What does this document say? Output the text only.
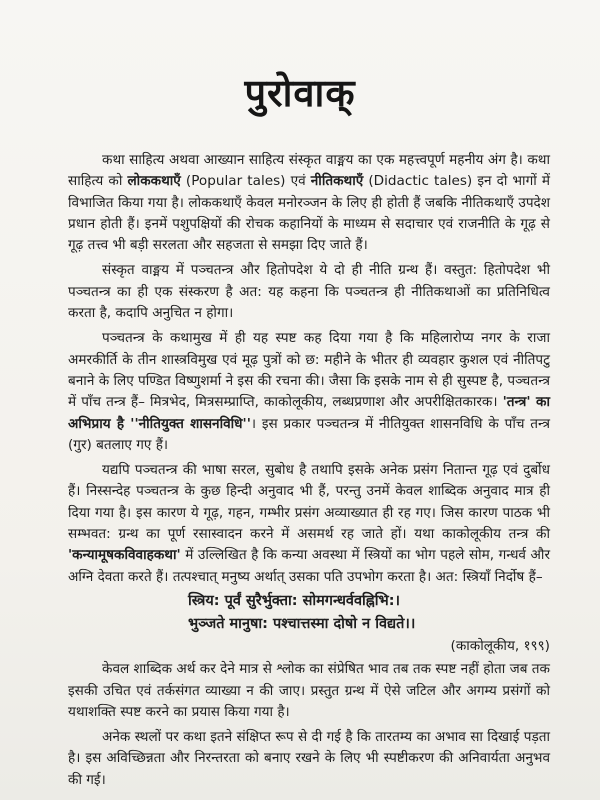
पुरोवाक्

कथा साहित्य अथवा आख्यान साहित्य संस्कृत वाङ्मय का एक महत्त्वपूर्ण महनीय अंग है। कथा साहित्य को लोककथाएँ (Popular tales) एवं नीतिकथाएँ (Didactic tales) इन दो भागों में विभाजित किया गया है। लोककथाएँ केवल मनोरञ्जन के लिए ही होती हैं जबकि नीतिकथाएँ उपदेश प्रधान होती हैं। इनमें पशुपक्षियों की रोचक कहानियों के माध्यम से सदाचार एवं राजनीति के गूढ़ से गूढ़ तत्त्व भी बड़ी सरलता और सहजता से समझा दिए जाते हैं।

संस्कृत वाङ्मय में पञ्चतन्त्र और हितोपदेश ये दो ही नीति ग्रन्थ हैं। वस्तुत: हितोपदेश भी पञ्चतन्त्र का ही एक संस्करण है अत: यह कहना कि पञ्चतन्त्र ही नीतिकथाओं का प्रतिनिधित्व करता है, कदापि अनुचित न होगा।

पञ्चतन्त्र के कथामुख में ही यह स्पष्ट कह दिया गया है कि महिलारोप्य नगर के राजा अमरकीर्ति के तीन शास्त्रविमुख एवं मूढ़ पुत्रों को छ: महीने के भीतर ही व्यवहार कुशल एवं नीतिपटु बनाने के लिए पण्डित विष्णुशर्मा ने इस की रचना की। जैसा कि इसके नाम से ही सुस्पष्ट है, पञ्चतन्त्र में पाँच तन्त्र हैं– मित्रभेद, मित्रसम्प्राप्ति, काकोलूकीय, लब्धप्रणाश और अपरीक्षितकारक। 'तन्त्र' का अभिप्राय है ''नीतियुक्त शासनविधि''। इस प्रकार पञ्चतन्त्र में नीतियुक्त शासनविधि के पाँच तन्त्र (गुर) बतलाए गए हैं।

यद्यपि पञ्चतन्त्र की भाषा सरल, सुबोध है तथापि इसके अनेक प्रसंग नितान्त गूढ़ एवं दुर्बोध हैं। निस्सन्देह पञ्चतन्त्र के कुछ हिन्दी अनुवाद भी हैं, परन्तु उनमें केवल शाब्दिक अनुवाद मात्र ही दिया गया है। इस कारण ये गूढ़, गहन, गम्भीर प्रसंग अव्याख्यात ही रह गए। जिस कारण पाठक भी सम्भवत: ग्रन्थ का पूर्ण रसास्वादन करने में असमर्थ रह जाते हों। यथा काकोलूकीय तन्त्र की 'कन्यामूषकविवाहकथा' में उल्लिखित है कि कन्या अवस्था में स्त्रियों का भोग पहले सोम, गन्धर्व और अग्नि देवता करते हैं। तत्पश्चात् मनुष्य अर्थात् उसका पति उपभोग करता है। अत: स्त्रियाँ निर्दोष हैं–

स्त्रिय: पूर्वं सुरैर्भुक्ता: सोमगन्धर्ववह्निभि:।
भुञ्जते मानुषा: पश्चात्तस्मा दोषो न विद्यते।।
(काकोलूकीय, १९९)

केवल शाब्दिक अर्थ कर देने मात्र से श्लोक का संप्रेषित भाव तब तक स्पष्ट नहीं होता जब तक इसकी उचित एवं तर्कसंगत व्याख्या न की जाए। प्रस्तुत ग्रन्थ में ऐसे जटिल और अगम्य प्रसंगों को यथाशक्ति स्पष्ट करने का प्रयास किया गया है।

अनेक स्थलों पर कथा इतने संक्षिप्त रूप से दी गई है कि तारतम्य का अभाव सा दिखाई पड़ता है। इस अविच्छिन्नता और निरन्तरता को बनाए रखने के लिए भी स्पष्टीकरण की अनिवार्यता अनुभव की गई।
